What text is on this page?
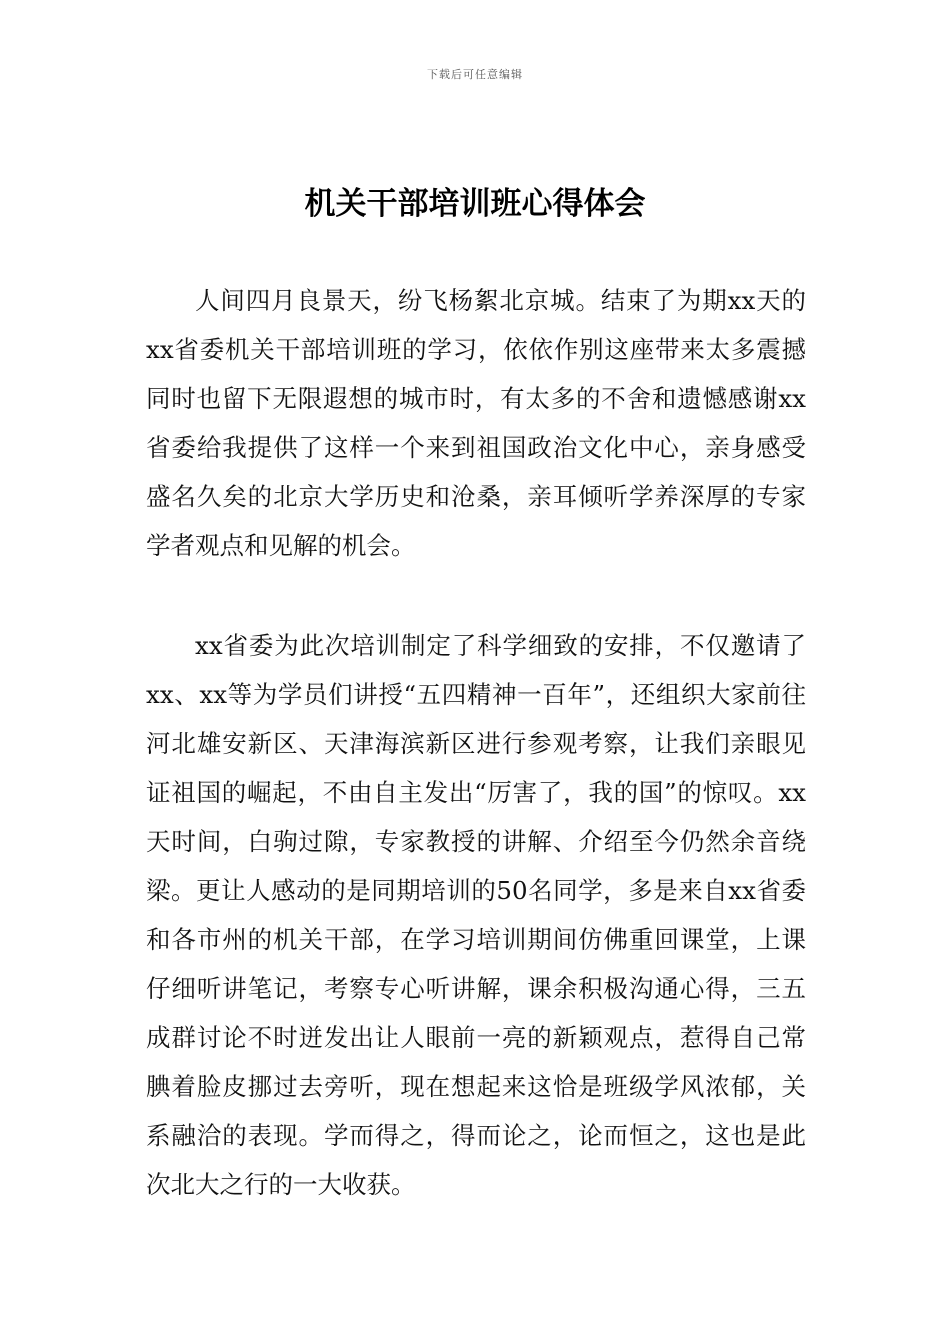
下载后可任意编辑
机关干部培训班心得体会

人间四月良景天，纷飞杨絮北京城。结束了为期xx天的xx省委机关干部培训班的学习，依依作别这座带来太多震撼同时也留下无限遐想的城市时，有太多的不舍和遗憾感谢xx省委给我提供了这样一个来到祖国政治文化中心，亲身感受盛名久矣的北京大学历史和沧桑，亲耳倾听学养深厚的专家学者观点和见解的机会。

xx省委为此次培训制定了科学细致的安排，不仅邀请了xx、xx等为学员们讲授“五四精神一百年”，还组织大家前往河北雄安新区、天津海滨新区进行参观考察，让我们亲眼见证祖国的崛起，不由自主发出“厉害了，我的国”的惊叹。xx天时间，白驹过隙，专家教授的讲解、介绍至今仍然余音绕梁。更让人感动的是同期培训的50名同学，多是来自xx省委和各市州的机关干部，在学习培训期间仿佛重回课堂，上课仔细听讲笔记，考察专心听讲解，课余积极沟通心得，三五成群讨论不时迸发出让人眼前一亮的新颖观点，惹得自己常腆着脸皮挪过去旁听，现在想起来这恰是班级学风浓郁，关系融洽的表现。学而得之，得而论之，论而恒之，这也是此次北大之行的一大收获。
